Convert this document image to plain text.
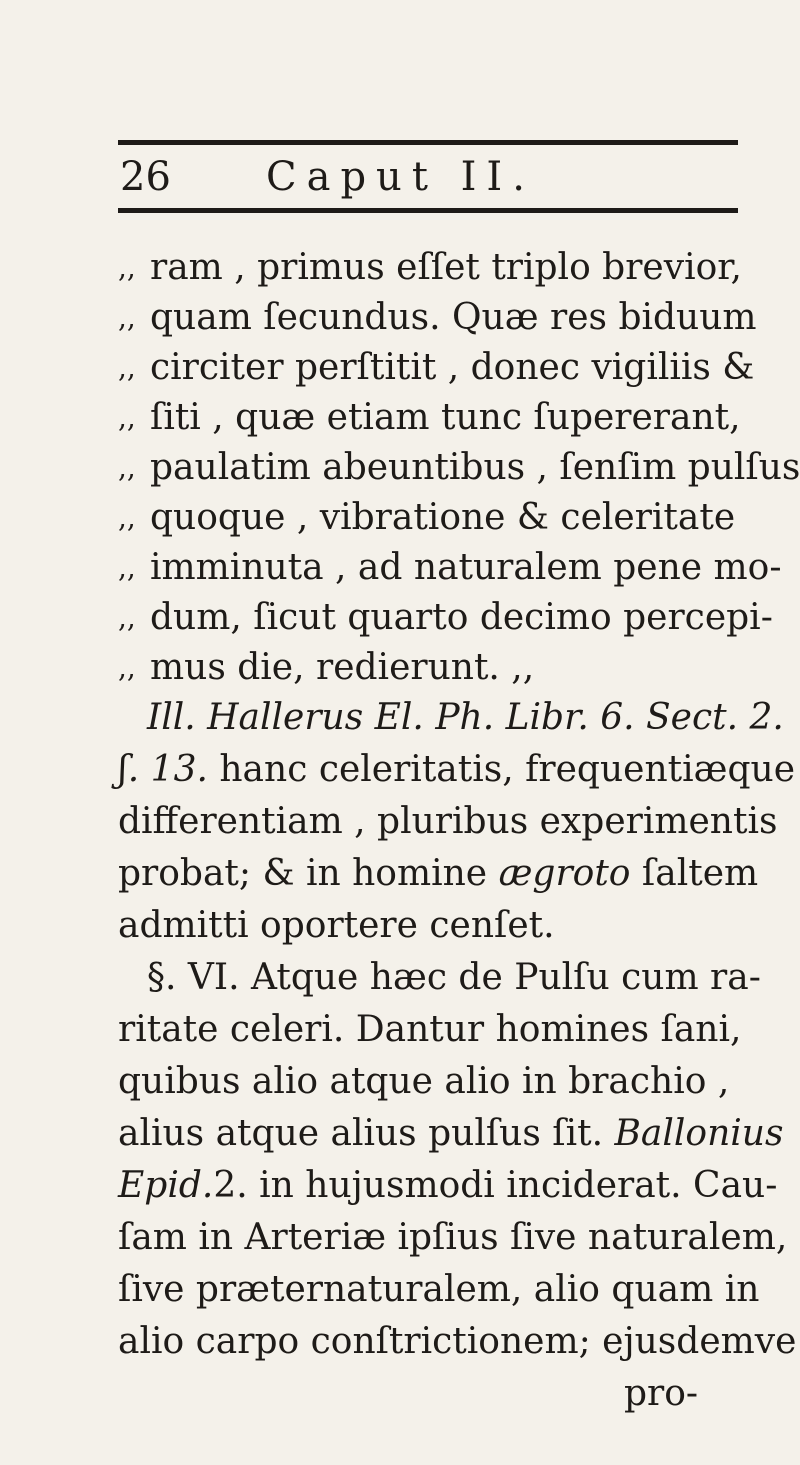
26 Caput II.
,, ram , primus eſſet triplo brevior,
,, quam ſecundus. Quæ res biduum
,, circiter perſtitit , donec vigiliis &
,, ſiti , quæ etiam tunc ſupererant,
,, paulatim abeuntibus , ſenſim pulſus
,, quoque , vibratione & celeritate
,, imminuta , ad naturalem pene mo-
,, dum, ſicut quarto decimo percepi-
,, mus die, redierunt. ,,
Ill. Hallerus El. Ph. Libr. 6. Sect. 2.
ʃ. 13. hanc celeritatis, frequentiæque
differentiam , pluribus experimentis
probat; & in homine ægroto ſaltem
admitti oportere cenſet.
§. VI. Atque hæc de Pulſu cum ra-
ritate celeri. Dantur homines ſani,
quibus alio atque alio in brachio ,
alius atque alius pulſus ſit. Ballonius
Epid.2. in hujusmodi inciderat. Cau-
ſam in Arteriæ ipſius ſive naturalem,
ſive præternaturalem, alio quam in
alio carpo conſtrictionem; ejusdemve
pro-
